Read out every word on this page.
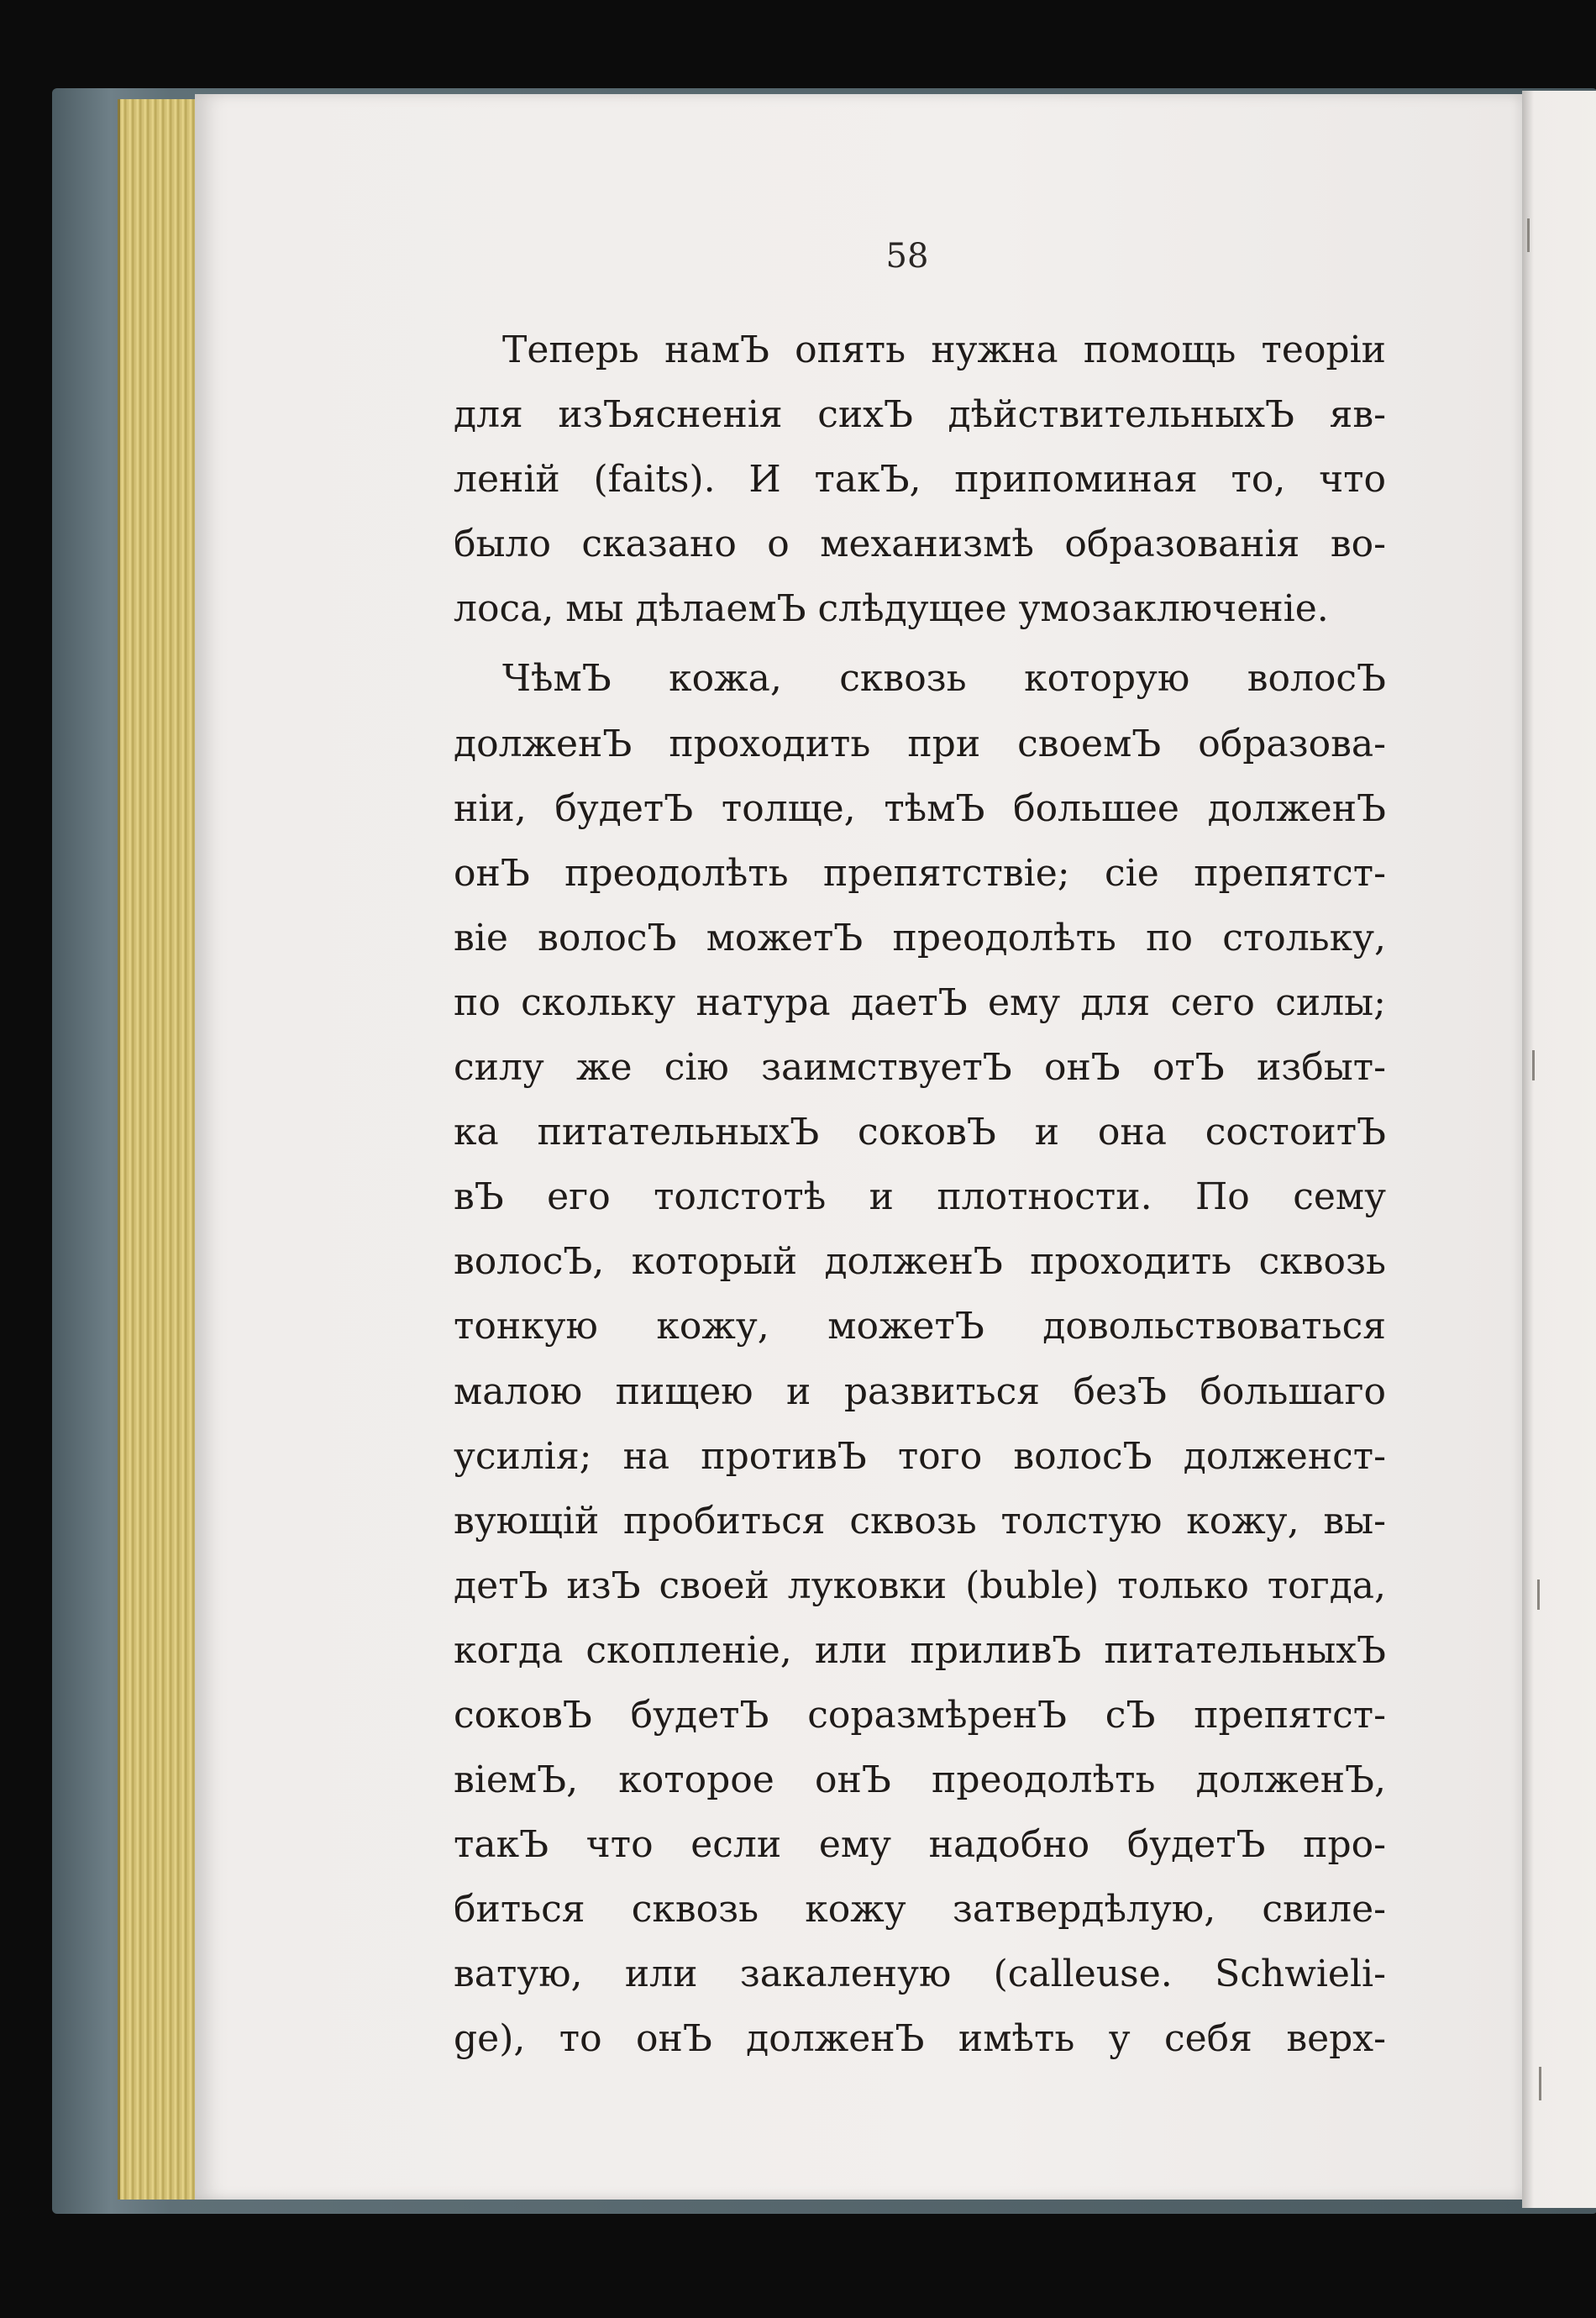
58
Теперь намЪ опять нужна помощь теоріи
для изЪясненія сихЪ дѣйствительныхЪ яв-
леній (faits). И такЪ, припоминая то, что
было сказано о механизмѣ образованія во-
лоса, мы дѣлаемЪ слѣдущее умозаключеніе.
ЧѣмЪ кожа, сквозь которую волосЪ
долженЪ проходить при своемЪ образова-
ніи, будетЪ толще, тѣмЪ большее долженЪ
онЪ преодолѣть препятствіе; сіе препятст-
віе волосЪ можетЪ преодолѣть по стольку,
по скольку натура даетЪ ему для сего силы;
силу же сію заимствуетЪ онЪ отЪ избыт-
ка питательныхЪ соковЪ и она состоитЪ
вЪ его толстотѣ и плотности. По сему
волосЪ, который долженЪ проходить сквозь
тонкую кожу, можетЪ довольствоваться
малою пищею и развиться безЪ большаго
усилія; на противЪ того волосЪ долженст-
вующій пробиться сквозь толстую кожу, вы-
детЪ изЪ своей луковки (buble) только тогда,
когда скопленіе, или приливЪ питательныхЪ
соковЪ будетЪ соразмѣренЪ сЪ препятст-
віемЪ, которое онЪ преодолѣть долженЪ,
такЪ что если ему надобно будетЪ про-
биться сквозь кожу затвердѣлую, свиле-
ватую, или закаленую (calleuse. Schwieli-
ge), то онЪ долженЪ имѣть у себя верх-
